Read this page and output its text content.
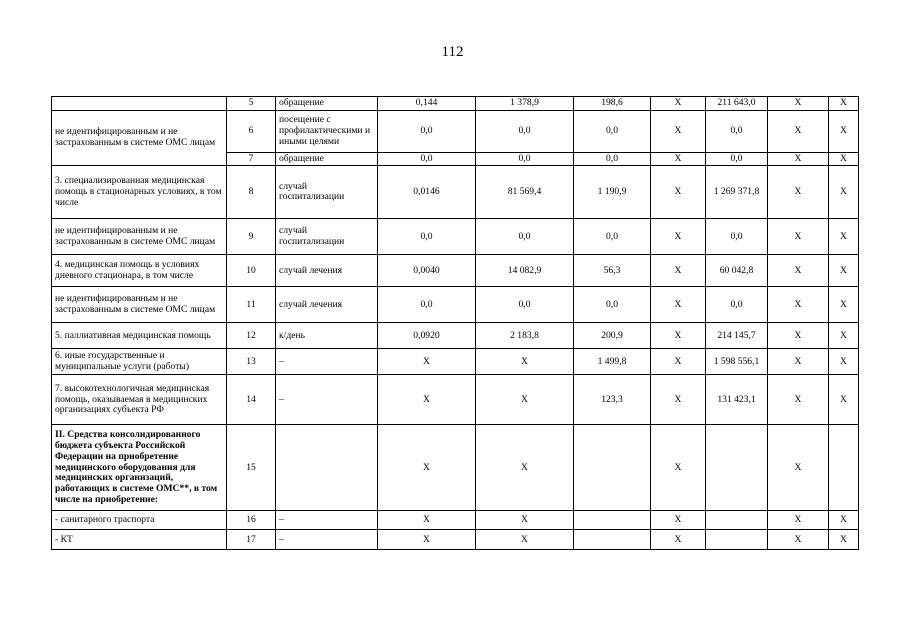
112
	5	обращение	0,144	1 378,9	198,6	X	211 643,0	X	X
не идентифицированным и не застрахованным в системе ОМС лицам	6	посещение с профилактическими и иными целями	0,0	0,0	0,0	X	0,0	X	X
	7	обращение	0,0	0,0	0,0	X	0,0	X	X
3. специализированная медицинская помощь в стационарных условиях, в том числе	8	случай госпитализации	0,0146	81 569,4	1 190,9	X	1 269 371,8	X	X
не идентифицированным и не застрахованным в системе ОМС лицам	9	случай госпитализации	0,0	0,0	0,0	X	0,0	X	X
4. медицинская помощь в условиях дневного стационара, в том числе	10	случай лечения	0,0040	14 082,9	56,3	X	60 042,8	X	X
не идентифицированным и не застрахованным в системе ОМС лицам	11	случай лечения	0,0	0,0	0,0	X	0,0	X	X
5. паллиативная медицинская помощь	12	к/день	0,0920	2 183,8	200,9	X	214 145,7	X	X
6. иные государственные и муниципальные услуги (работы)	13	–	X	X	1 499,8	X	1 598 556,1	X	X
7. высокотехнологичная медицинская помощь, оказываемая в медицинских организациях субъекта РФ	14	–	X	X	123,3	X	131 423,1	X	X
II. Средства консолидированного бюджета субъекта Российской Федерации на приобретение медицинского оборудования для медицинских организаций, работающих в системе ОМС**, в том числе на приобретение:	15		X	X		X		X	
- санитарного траспорта	16	–	X	X		X		X	X
- КТ	17	–	X	X		X		X	X
